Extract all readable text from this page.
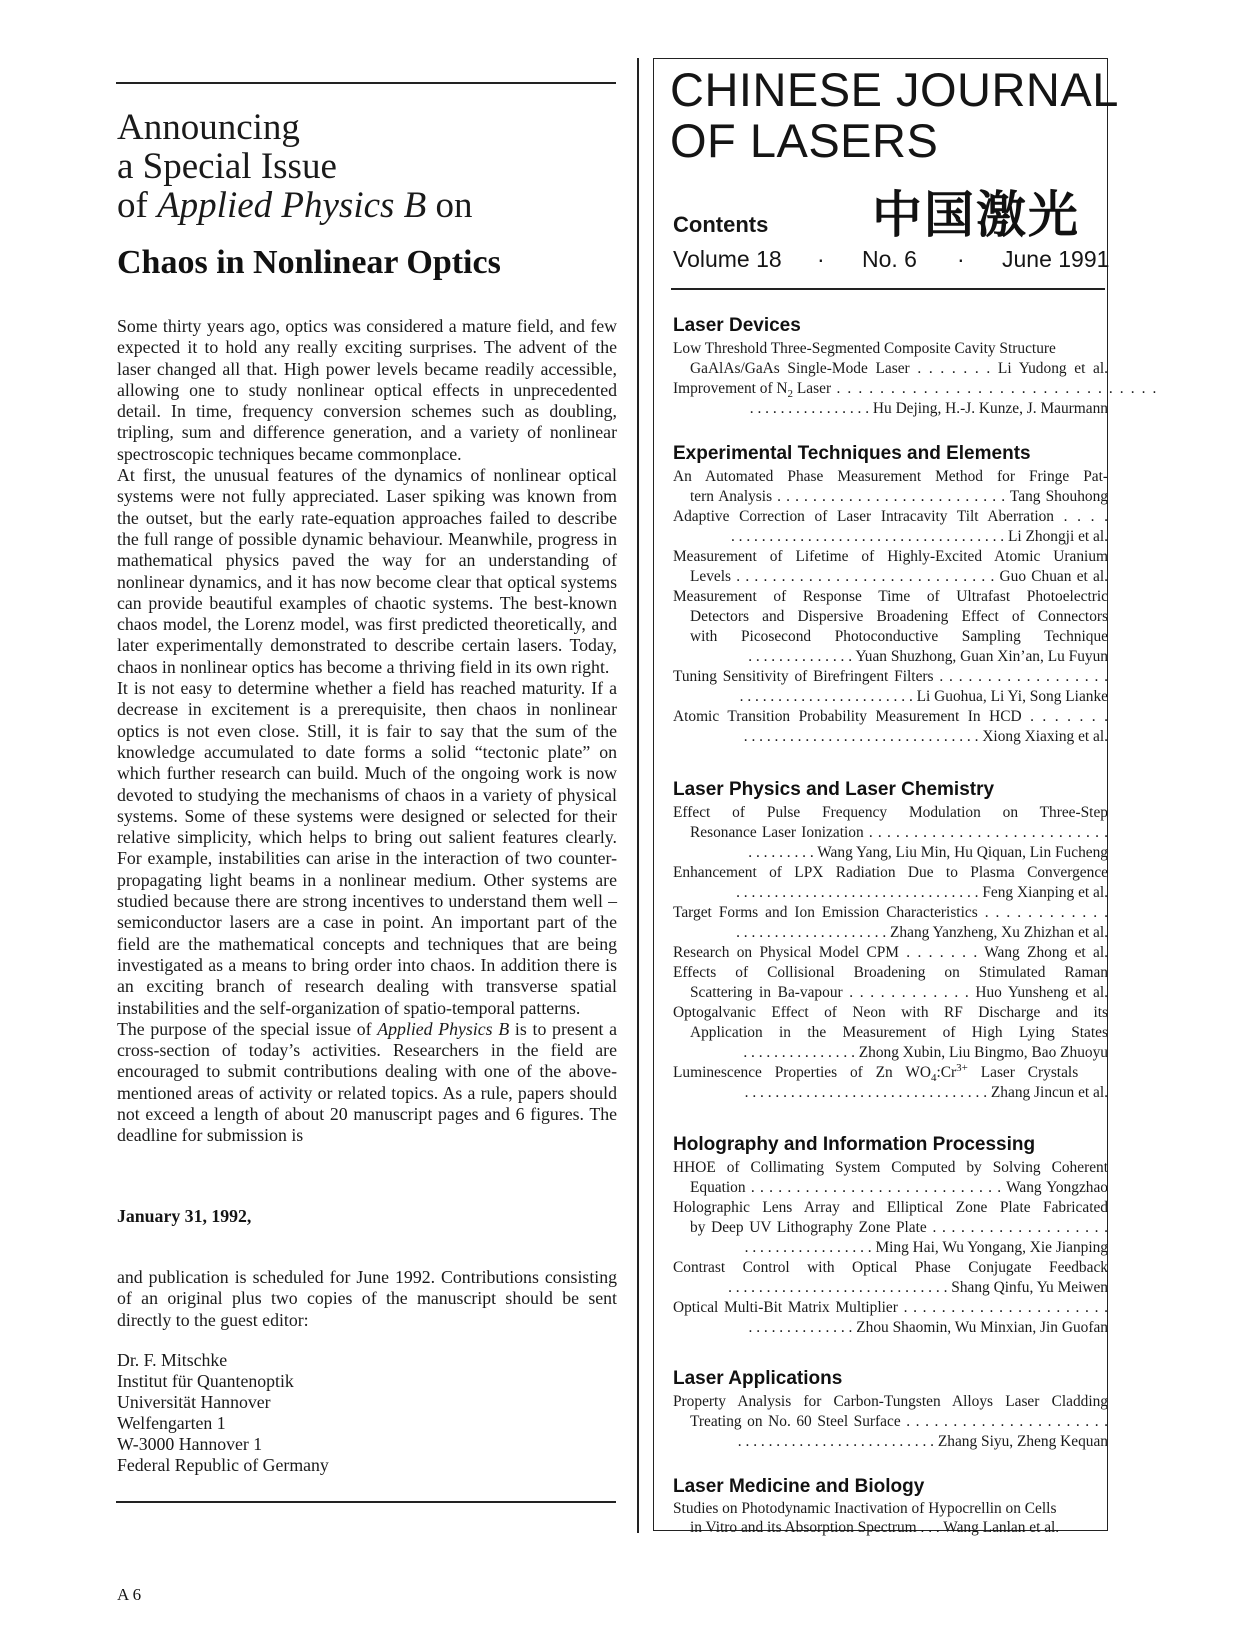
Announcing
a Special Issue
of Applied Physics B on
Chaos in Nonlinear Optics

Some thirty years ago, optics was considered a mature field, and few expected it to hold any really exciting surprises. The advent of the laser changed all that. High power levels became readily accessible, allowing one to study nonlinear optical effects in unprecedented detail. In time, frequency conversion schemes such as doubling, tripling, sum and difference generation, and a variety of nonlinear spectroscopic techniques became commonplace.

At first, the unusual features of the dynamics of nonlinear optical systems were not fully appreciated. Laser spiking was known from the outset, but the early rate-equation approaches failed to describe the full range of possible dynamic behaviour. Meanwhile, progress in mathematical physics paved the way for an understanding of nonlinear dynamics, and it has now become clear that optical systems can provide beautiful examples of chaotic systems. The best-known chaos model, the Lorenz model, was first predicted theoretically, and later experimentally demonstrated to describe certain lasers. Today, chaos in nonlinear optics has become a thriving field in its own right.

It is not easy to determine whether a field has reached maturity. If a decrease in excitement is a prerequisite, then chaos in nonlinear optics is not even close. Still, it is fair to say that the sum of the knowledge accumulated to date forms a solid “tectonic plate” on which further research can build. Much of the ongoing work is now devoted to studying the mechanisms of chaos in a variety of physical systems. Some of these systems were designed or selected for their relative simplicity, which helps to bring out salient features clearly. For example, instabilities can arise in the interaction of two counter-propagating light beams in a nonlinear medium. Other systems are studied because there are strong incentives to understand them well – semiconductor lasers are a case in point. An important part of the field are the mathematical concepts and techniques that are being investigated as a means to bring order into chaos. In addition there is an exciting branch of research dealing with transverse spatial instabilities and the self-organization of spatio-temporal patterns.

The purpose of the special issue of Applied Physics B is to present a cross-section of today’s activities. Researchers in the field are encouraged to submit contributions dealing with one of the above-mentioned areas of activity or related topics. As a rule, papers should not exceed a length of about 20 manuscript pages and 6 figures. The deadline for submission is

January 31, 1992,
and publication is scheduled for June 1992. Contributions consisting of an original plus two copies of the manuscript should be sent directly to the guest editor:
Dr. F. Mitschke
Institut für Quantenoptik
Universität Hannover
Welfengarten 1
W-3000 Hannover 1
Federal Republic of Germany
A 6
CHINESE JOURNAL
OF LASERS
Contents 中国激光
Volume 18 · No. 6 · June 1991
Laser Devices
Low Threshold Three-Segmented Composite Cavity Structure
GaAlAs/GaAs Single-Mode Laser . . . . . . . Li Yudong et al.
Improvement of $N_2$ Laser . . . . . . . . . . . . . . . . . . . . . . . . . . . . . .
. . . . . . . . . . . . . . . . Hu Dejing, H.-J. Kunze, J. Maurmann
Experimental Techniques and Elements
An Automated Phase Measurement Method for Fringe Pat-
tern Analysis . . . . . . . . . . . . . . . . . . . . . . . . . . Tang Shouhong
Adaptive Correction of Laser Intracavity Tilt Aberration . . . .
. . . . . . . . . . . . . . . . . . . . . . . . . . . . . . . . . . . . Li Zhongji et al.
Measurement of Lifetime of Highly-Excited Atomic Uranium
Levels . . . . . . . . . . . . . . . . . . . . . . . . . . . . . Guo Chuan et al.
Measurement of Response Time of Ultrafast Photoelectric
Detectors and Dispersive Broadening Effect of Connectors
with Picosecond Photoconductive Sampling Technique
. . . . . . . . . . . . . . Yuan Shuzhong, Guan Xin’an, Lu Fuyun
Tuning Sensitivity of Birefringent Filters . . . . . . . . . . . . . . . . . .
. . . . . . . . . . . . . . . . . . . . . . . Li Guohua, Li Yi, Song Lianke
Atomic Transition Probability Measurement In HCD . . . . . . .
. . . . . . . . . . . . . . . . . . . . . . . . . . . . . . . Xiong Xiaxing et al.
Laser Physics and Laser Chemistry
Effect of Pulse Frequency Modulation on Three-Step
Resonance Laser Ionization . . . . . . . . . . . . . . . . . . . . . . . . . . .
. . . . . . . . . Wang Yang, Liu Min, Hu Qiquan, Lin Fucheng
Enhancement of LPX Radiation Due to Plasma Convergence
. . . . . . . . . . . . . . . . . . . . . . . . . . . . . . . . Feng Xianping et al.
Target Forms and Ion Emission Characteristics . . . . . . . . . . . .
. . . . . . . . . . . . . . . . . . . . Zhang Yanzheng, Xu Zhizhan et al.
Research on Physical Model CPM . . . . . . . Wang Zhong et al.
Effects of Collisional Broadening on Stimulated Raman
Scattering in Ba-vapour . . . . . . . . . . . . Huo Yunsheng et al.
Optogalvanic Effect of Neon with RF Discharge and its
Application in the Measurement of High Lying States
. . . . . . . . . . . . . . . Zhong Xubin, Liu Bingmo, Bao Zhuoyu
Luminescence Properties of Zn $WO_4:Cr^{3+}$ Laser Crystals
. . . . . . . . . . . . . . . . . . . . . . . . . . . . . . . . Zhang Jincun et al.
Holography and Information Processing
HHOE of Collimating System Computed by Solving Coherent
Equation . . . . . . . . . . . . . . . . . . . . . . . . . . . . Wang Yongzhao
Holographic Lens Array and Elliptical Zone Plate Fabricated
by Deep UV Lithography Zone Plate . . . . . . . . . . . . . . . . . . .
. . . . . . . . . . . . . . . . . Ming Hai, Wu Yongang, Xie Jianping
Contrast Control with Optical Phase Conjugate Feedback
. . . . . . . . . . . . . . . . . . . . . . . . . . . . . Shang Qinfu, Yu Meiwen
Optical Multi-Bit Matrix Multiplier . . . . . . . . . . . . . . . . . . . . . .
. . . . . . . . . . . . . . Zhou Shaomin, Wu Minxian, Jin Guofan
Laser Applications
Property Analysis for Carbon-Tungsten Alloys Laser Cladding
Treating on No. 60 Steel Surface . . . . . . . . . . . . . . . . . . . . . .
. . . . . . . . . . . . . . . . . . . . . . . . . . Zhang Siyu, Zheng Kequan
Laser Medicine and Biology
Studies on Photodynamic Inactivation of Hypocrellin on Cells
in Vitro and its Absorption Spectrum . . . Wang Lanlan et al.
